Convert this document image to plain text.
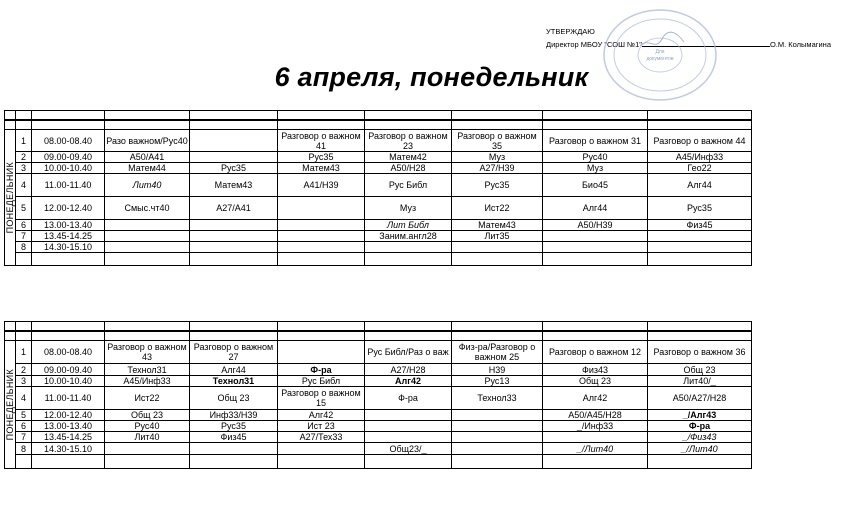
УТВЕРЖДАЮ
Директор МБОУ "СОШ №1"	О.М. Колымагина
Для
документов
6 апреля, понедельник

ПОНЕДЕЛЬНИК	1	08.00-08.40	Разо важном/Рус40		Разговор о важном 41	Разговор о важном 23	Разговор о важном 35	Разговор о важном 31	Разговор о важном 44
	2	09.00-09.40	А50/А41		Рус35	Матем42	Муз	Рус40	А45/Инф33
	3	10.00-10.40	Матем44	Рус35	Матем43	А50/Н28	А27/Н39	Муз	Гео22
	4	11.00-11.40	Лит40	Матем43	А41/Н39	Рус Библ	Рус35	Био45	Алг44
	5	12.00-12.40	Смыс.чт40	А27/А41		Муз	Ист22	Алг44	Рус35
	6	13.00-13.40				Лит Библ	Матем43	А50/Н39	Физ45
	7	13.45-14.25				Заним.англ28	Лит35		
	8	14.30-15.10							

ПОНЕДЕЛЬНИК	1	08.00-08.40	Разговор о важном 43	Разговор о важном 27		Рус Библ/Раз о важ	Физ-ра/Разговор о важном 25	Разговор о важном 12	Разговор о важном 36
	2	09.00-09.40	Технол31	Алг44	Ф-ра	А27/Н28	Н39	Физ43	Общ 23
	3	10.00-10.40	А45/Инф33	Технол31	Рус Библ	Алг42	Рус13	Общ 23	Лит40/_
	4	11.00-11.40	Ист22	Общ 23	Разговор о важном 15	Ф-ра	Технол33	Алг42	А50/А27/Н28
	5	12.00-12.40	Общ 23	Инф33/Н39	Алг42			А50/А45/Н28	_/Алг43
	6	13.00-13.40	Рус40	Рус35	Ист 23			_/Инф33	Ф-ра
	7	13.45-14.25	Лит40	Физ45	А27/Тех33				_/Физ43
	8	14.30-15.10				Общ23/_		_/Лит40	_/Лит40
